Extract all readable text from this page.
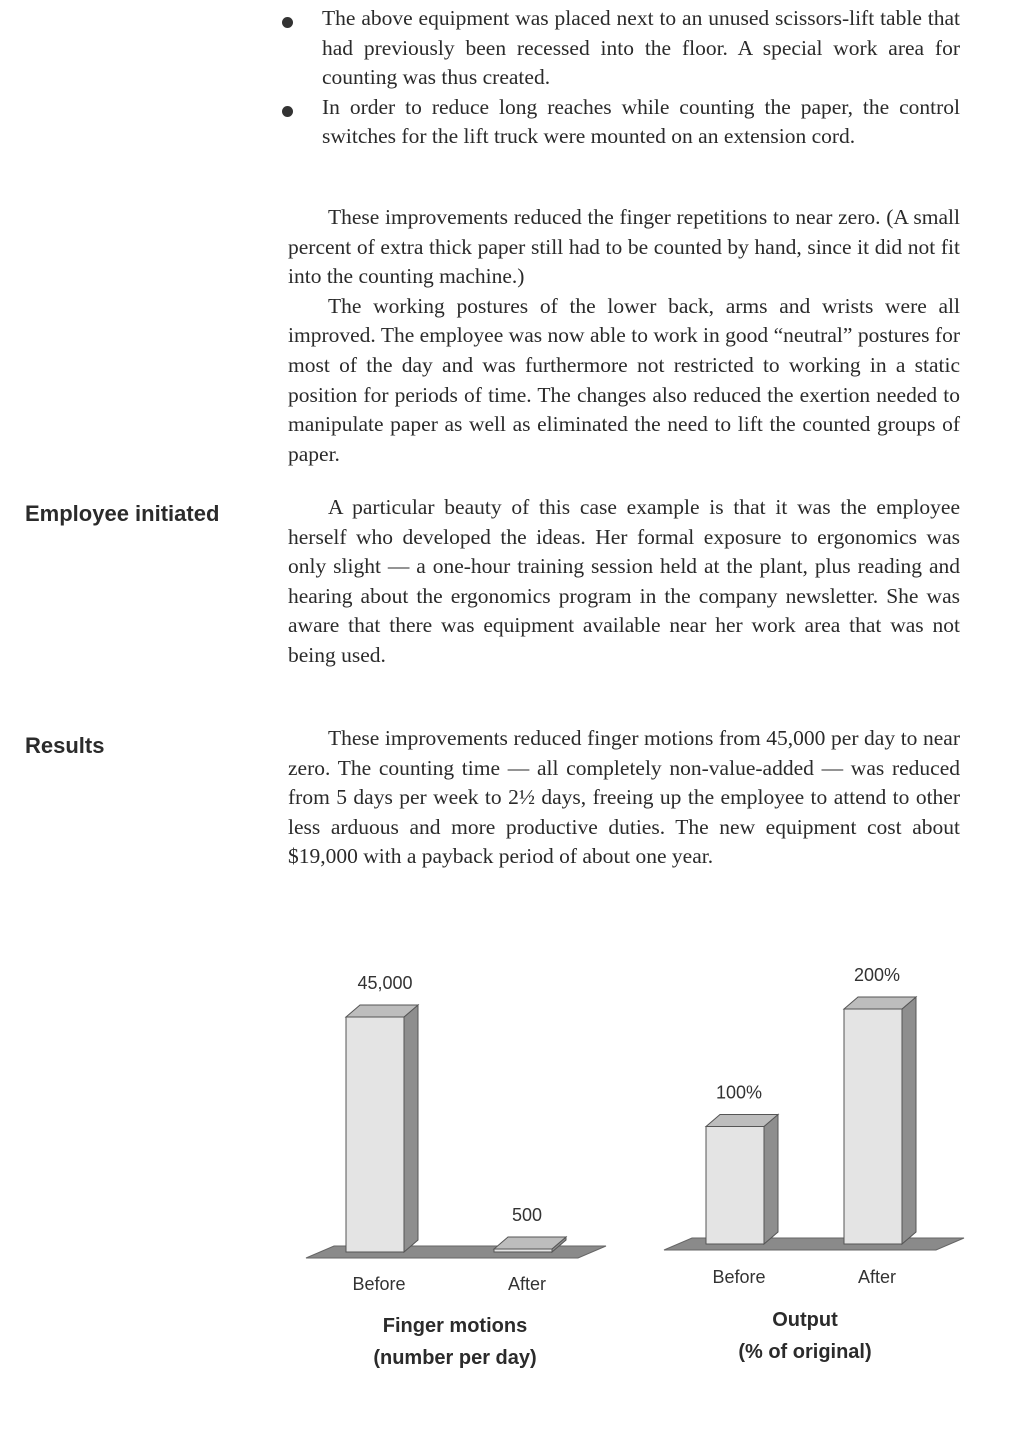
The above equipment was placed next to an unused scissors-lift table that had previously been recessed into the floor. A special work area for counting was thus created.
In order to reduce long reaches while counting the paper, the control switches for the lift truck were mounted on an extension cord.

These improvements reduced the finger repetitions to near zero. (A small percent of extra thick paper still had to be counted by hand, since it did not fit into the counting machine.)

The working postures of the lower back, arms and wrists were all improved. The employee was now able to work in good “neutral” postures for most of the day and was furthermore not restricted to working in a static position for periods of time. The changes also reduced the exertion needed to manipulate paper as well as eliminated the need to lift the counted groups of paper.

Employee initiated	A particular beauty of this case example is that it was the employee herself who developed the ideas. Her formal exposure to ergonomics was only slight — a one-hour training session held at the plant, plus reading and hearing about the ergonomics program in the company newsletter. She was aware that there was equipment available near her work area that was not being used.

Results	These improvements reduced finger motions from 45,000 per day to near zero. The counting time — all completely non-value-added — was reduced from 5 days per week to 2½ days, freeing up the employee to attend to other less arduous and more productive duties. The new equipment cost about $19,000 with a payback period of about one year.

45,000
Before
500
After
100%
Before
200%
After
Finger motions
(number per day)
Output
(% of original)
